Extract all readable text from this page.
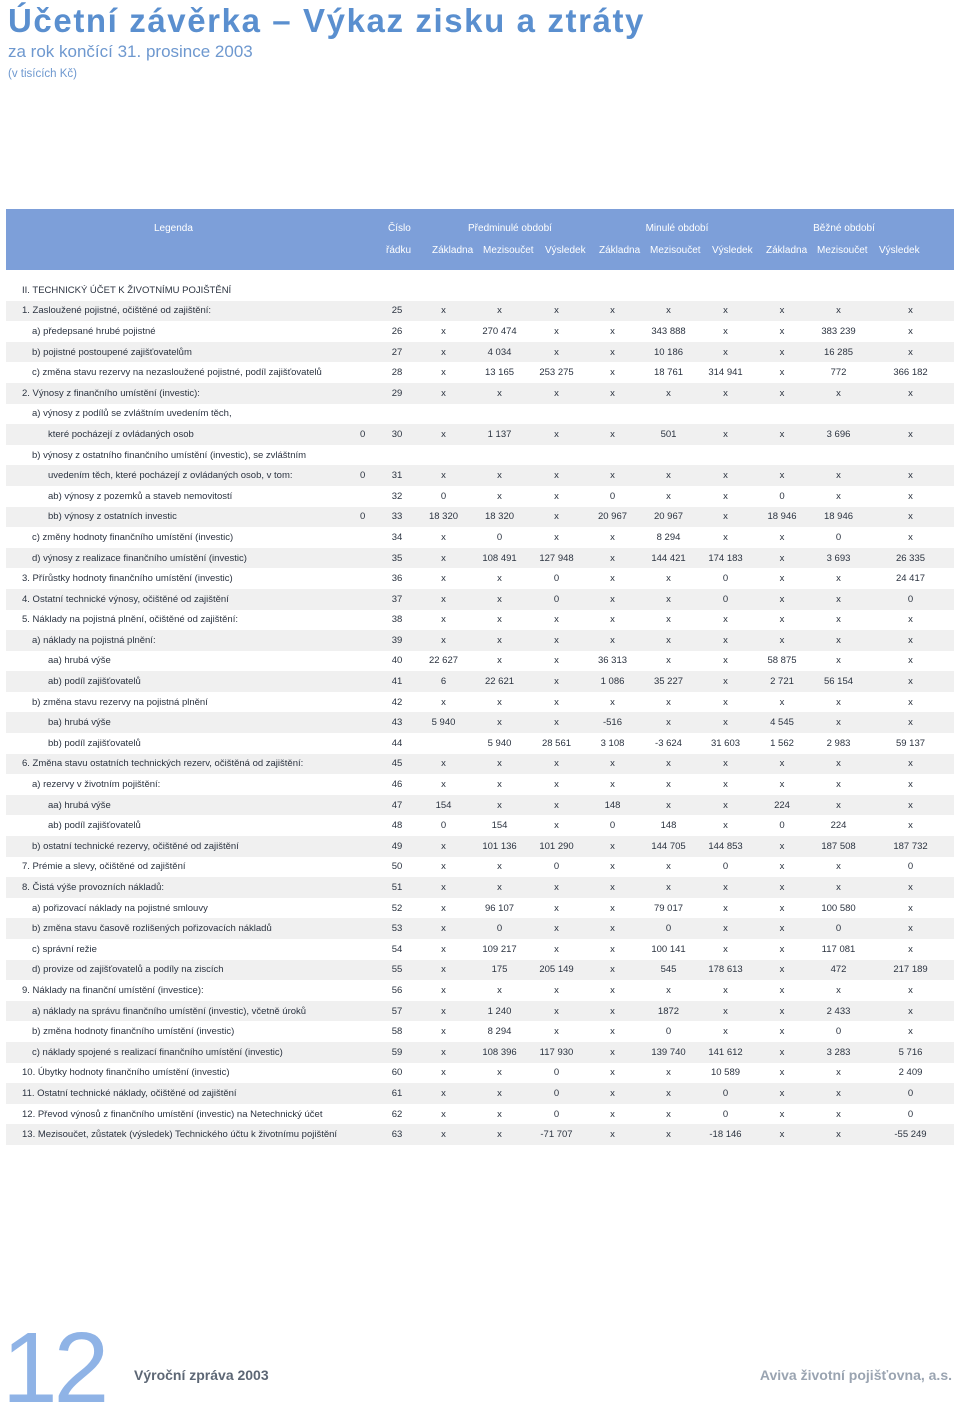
Účetní závěrka – Výkaz zisku a ztráty

za rok končící 31. prosince 2003

(v tisících Kč)

Legenda	Číslo
řádku
Předminulé období	Minulé období	Běžné období
Základna Mezisoučet Výsledek Základna Mezisoučet Výsledek Základna Mezisoučet Výsledek
II. TECHNICKÝ ÚČET K ŽIVOTNÍMU POJIŠTĚNÍ											
1. Zasloužené pojistné, očištěné od zajištění:		25	x	x	x	x	x	x	x	x	x
a) předepsané hrubé pojistné		26	x	270 474	x	x	343 888	x	x	383 239	x
b) pojistné postoupené zajišťovatelům		27	x	4 034	x	x	10 186	x	x	16 285	x
c) změna stavu rezervy na nezasloužené pojistné, podíl zajišťovatelů		28	x	13 165	253 275	x	18 761	314 941	x	772	366 182
2. Výnosy z finančního umístění (investic):		29	x	x	x	x	x	x	x	x	x
a) výnosy z podílů se zvláštním uvedením těch,											
které pocházejí z ovládaných osob	0	30	x	1 137	x	x	501	x	x	3 696	x
b) výnosy z ostatního finančního umístění (investic), se zvláštním											
uvedením těch, které pocházejí z ovládaných osob, v tom:	0	31	x	x	x	x	x	x	x	x	x
ab) výnosy z pozemků a staveb nemovitostí		32	0	x	x	0	x	x	0	x	x
bb) výnosy z ostatních investic	0	33	18 320	18 320	x	20 967	20 967	x	18 946	18 946	x
c) změny hodnoty finančního umístění (investic)		34	x	0	x	x	8 294	x	x	0	x
d) výnosy z realizace finančního umístění (investic)		35	x	108 491	127 948	x	144 421	174 183	x	3 693	26 335
3. Přírůstky hodnoty finančního umístění (investic)		36	x	x	0	x	x	0	x	x	24 417
4. Ostatní technické výnosy, očištěné od zajištění		37	x	x	0	x	x	0	x	x	0
5. Náklady na pojistná plnění, očištěné od zajištění:		38	x	x	x	x	x	x	x	x	x
a) náklady na pojistná plnění:		39	x	x	x	x	x	x	x	x	x
aa) hrubá výše		40	22 627	x	x	36 313	x	x	58 875	x	x
ab) podíl zajišťovatelů		41	6	22 621	x	1 086	35 227	x	2 721	56 154	x
b) změna stavu rezervy na pojistná plnění		42	x	x	x	x	x	x	x	x	x
ba) hrubá výše		43	5 940	x	x	-516	x	x	4 545	x	x
bb) podíl zajišťovatelů		44		5 940	28 561	3 108	-3 624	31 603	1 562	2 983	59 137
6. Změna stavu ostatních technických rezerv, očištěná od zajištění:		45	x	x	x	x	x	x	x	x	x
a) rezervy v životním pojištění:		46	x	x	x	x	x	x	x	x	x
aa) hrubá výše		47	154	x	x	148	x	x	224	x	x
ab) podíl zajišťovatelů		48	0	154	x	0	148	x	0	224	x
b) ostatní technické rezervy, očištěné od zajištění		49	x	101 136	101 290	x	144 705	144 853	x	187 508	187 732
7. Prémie a slevy, očištěné od zajištění		50	x	x	0	x	x	0	x	x	0
8. Čistá výše provozních nákladů:		51	x	x	x	x	x	x	x	x	x
a) pořizovací náklady na pojistné smlouvy		52	x	96 107	x	x	79 017	x	x	100 580	x
b) změna stavu časově rozlišených pořizovacích nákladů		53	x	0	x	x	0	x	x	0	x
c) správní režie		54	x	109 217	x	x	100 141	x	x	117 081	x
d) provize od zajišťovatelů a podíly na ziscích		55	x	175	205 149	x	545	178 613	x	472	217 189
9. Náklady na finanční umístění (investice):		56	x	x	x	x	x	x	x	x	x
a) náklady na správu finančního umístění (investic), včetně úroků		57	x	1 240	x	x	1872	x	x	2 433	x
b) změna hodnoty finančního umístění (investic)		58	x	8 294	x	x	0	x	x	0	x
c) náklady spojené s realizací finančního umístění (investic)		59	x	108 396	117 930	x	139 740	141 612	x	3 283	5 716
10. Úbytky hodnoty finančního umístění (investic)		60	x	x	0	x	x	10 589	x	x	2 409
11. Ostatní technické náklady, očištěné od zajištění		61	x	x	0	x	x	0	x	x	0
12. Převod výnosů z finančního umístění (investic) na Netechnický účet		62	x	x	0	x	x	0	x	x	0
13. Mezisoučet, zůstatek (výsledek) Technického účtu k životnímu pojištění		63	x	x	-71 707	x	x	-18 146	x	x	-55 249
12 Výroční zpráva 2003	Aviva životní pojišťovna, a.s.
